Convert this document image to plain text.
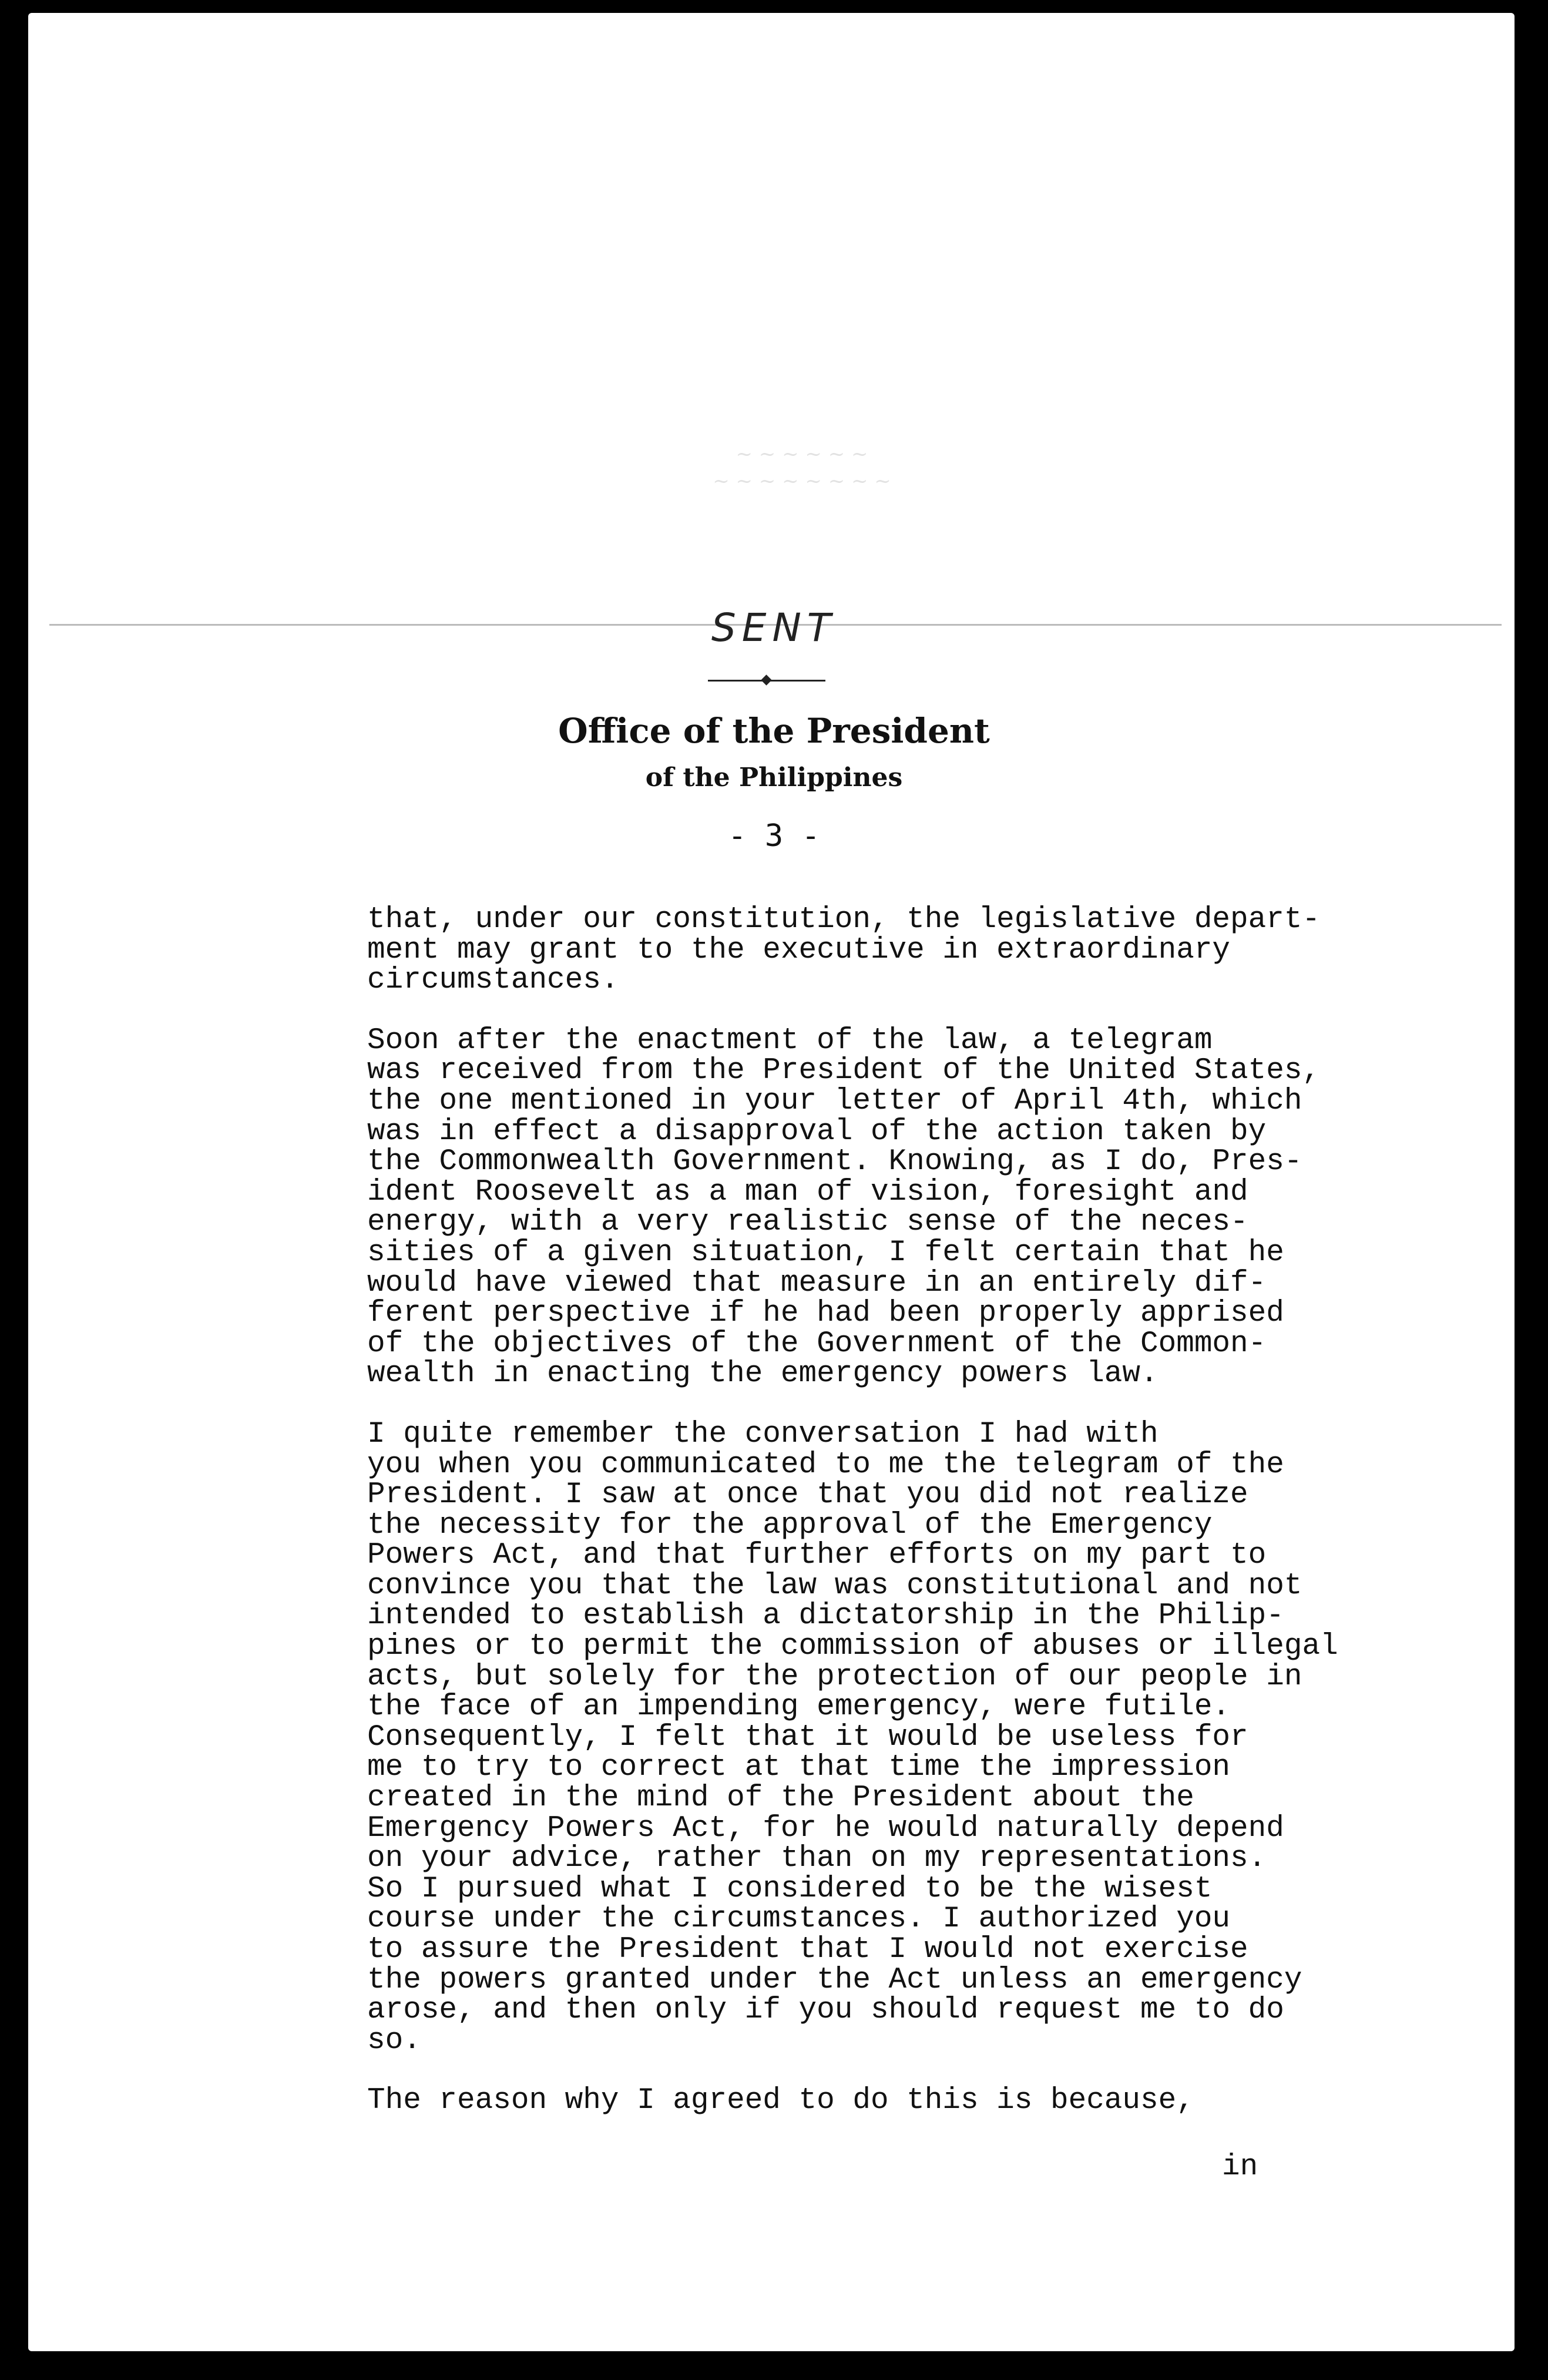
~ ~ ~ ~ ~ ~
~ ~ ~ ~ ~ ~ ~ ~
SENT
Office of the President
of the Philippines
- 3 -

that, under our constitution, the legislative depart-
ment may grant to the executive in extraordinary
circumstances.

Soon after the enactment of the law, a telegram
was received from the President of the United States,
the one mentioned in your letter of April 4th, which
was in effect a disapproval of the action taken by
the Commonwealth Government. Knowing, as I do, Pres-
ident Roosevelt as a man of vision, foresight and
energy, with a very realistic sense of the neces-
sities of a given situation, I felt certain that he
would have viewed that measure in an entirely dif-
ferent perspective if he had been properly apprised
of the objectives of the Government of the Common-
wealth in enacting the emergency powers law.

I quite remember the conversation I had with
you when you communicated to me the telegram of the
President. I saw at once that you did not realize
the necessity for the approval of the Emergency
Powers Act, and that further efforts on my part to
convince you that the law was constitutional and not
intended to establish a dictatorship in the Philip-
pines or to permit the commission of abuses or illegal
acts, but solely for the protection of our people in
the face of an impending emergency, were futile.
Consequently, I felt that it would be useless for
me to try to correct at that time the impression
created in the mind of the President about the
Emergency Powers Act, for he would naturally depend
on your advice, rather than on my representations.
So I pursued what I considered to be the wisest
course under the circumstances. I authorized you
to assure the President that I would not exercise
the powers granted under the Act unless an emergency
arose, and then only if you should request me to do
so.

The reason why I agreed to do this is because,

in
